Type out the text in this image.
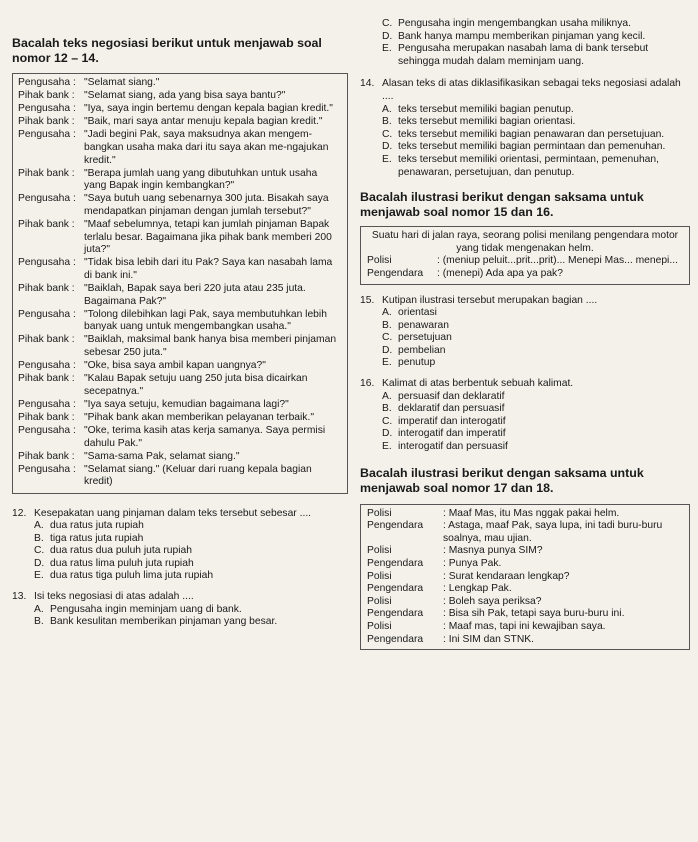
Bacalah teks negosiasi berikut untuk menjawab soal nomor 12 – 14.
Pengusaha : "Selamat siang."
Pihak bank : "Selamat siang, ada yang bisa saya bantu?"
Pengusaha : "Iya, saya ingin bertemu dengan kepala bagian kredit."
Pihak bank : "Baik, mari saya antar menuju kepala bagian kredit."
Pengusaha : "Jadi begini Pak, saya maksudnya akan mengem-bangkan usaha maka dari itu saya akan me-ngajukan kredit."
Pihak bank : "Berapa jumlah uang yang dibutuhkan untuk usaha yang Bapak ingin kembangkan?"
Pengusaha : "Saya butuh uang sebenarnya 300 juta. Bisakah saya mendapatkan pinjaman dengan jumlah tersebut?"
Pihak bank : "Maaf sebelumnya, tetapi kan jumlah pinjaman Bapak terlalu besar. Bagaimana jika pihak bank memberi 200 juta?"
Pengusaha : "Tidak bisa lebih dari itu Pak? Saya kan nasabah lama di bank ini."
Pihak bank : "Baiklah, Bapak saya beri 220 juta atau 235 juta. Bagaimana Pak?"
Pengusaha : "Tolong dilebihkan lagi Pak, saya membutuhkan lebih banyak uang untuk mengembangkan usaha."
Pihak bank : "Baiklah, maksimal bank hanya bisa memberi pinjaman sebesar 250 juta."
Pengusaha : "Oke, bisa saya ambil kapan uangnya?"
Pihak bank : "Kalau Bapak setuju uang 250 juta bisa dicairkan secepatnya."
Pengusaha : "Iya saya setuju, kemudian bagaimana lagi?"
Pihak bank : "Pihak bank akan memberikan pelayanan terbaik."
Pengusaha : "Oke, terima kasih atas kerja samanya. Saya permisi dahulu Pak."
Pihak bank : "Sama-sama Pak, selamat siang."
Pengusaha : "Selamat siang." (Keluar dari ruang kepala bagian kredit)
12. Kesepakatan uang pinjaman dalam teks tersebut sebesar ....
A. dua ratus juta rupiah
B. tiga ratus juta rupiah
C. dua ratus dua puluh juta rupiah
D. dua ratus lima puluh juta rupiah
E. dua ratus tiga puluh lima juta rupiah
13. Isi teks negosiasi di atas adalah ....
A. Pengusaha ingin meminjam uang di bank.
B. Bank kesulitan memberikan pinjaman yang besar.
C. Pengusaha ingin mengembangkan usaha miliknya.
D. Bank hanya mampu memberikan pinjaman yang kecil.
E. Pengusaha merupakan nasabah lama di bank tersebut sehingga mudah dalam meminjam uang.
14. Alasan teks di atas diklasifikasikan sebagai teks negosiasi adalah ....
A. teks tersebut memiliki bagian penutup.
B. teks tersebut memiliki bagian orientasi.
C. teks tersebut memiliki bagian penawaran dan persetujuan.
D. teks tersebut memiliki bagian permintaan dan pemenuhan.
E. teks tersebut memiliki orientasi, permintaan, pemenuhan, penawaran, persetujuan, dan penutup.
Bacalah ilustrasi berikut dengan saksama untuk menjawab soal nomor 15 dan 16.
Suatu hari di jalan raya, seorang polisi menilang pengendara motor yang tidak mengenakan helm.
Polisi	: (meniup peluit...prit...prit)... Menepi Mas... menepi...
Pengendara	: (menepi) Ada apa ya pak?
15. Kutipan ilustrasi tersebut merupakan bagian ....
A. orientasi
B. penawaran
C. persetujuan
D. pembelian
E. penutup
16. Kalimat di atas berbentuk sebuah kalimat.
A. persuasif dan deklaratif
B. deklaratif dan persuasif
C. imperatif dan interogatif
D. interogatif dan imperatif
E. interogatif dan persuasif
Bacalah ilustrasi berikut dengan saksama untuk menjawab soal nomor 17 dan 18.
Polisi	: Maaf Mas, itu Mas nggak pakai helm.
Pengendara	: Astaga, maaf Pak, saya lupa, ini tadi buru-buru soalnya, mau ujian.
Polisi	: Masnya punya SIM?
Pengendara	: Punya Pak.
Polisi	: Surat kendaraan lengkap?
Pengendara	: Lengkap Pak.
Polisi	: Boleh saya periksa?
Pengendara	: Bisa sih Pak, tetapi saya buru-buru ini.
Polisi	: Maaf mas, tapi ini kewajiban saya.
Pengendara	: Ini SIM dan STNK.
